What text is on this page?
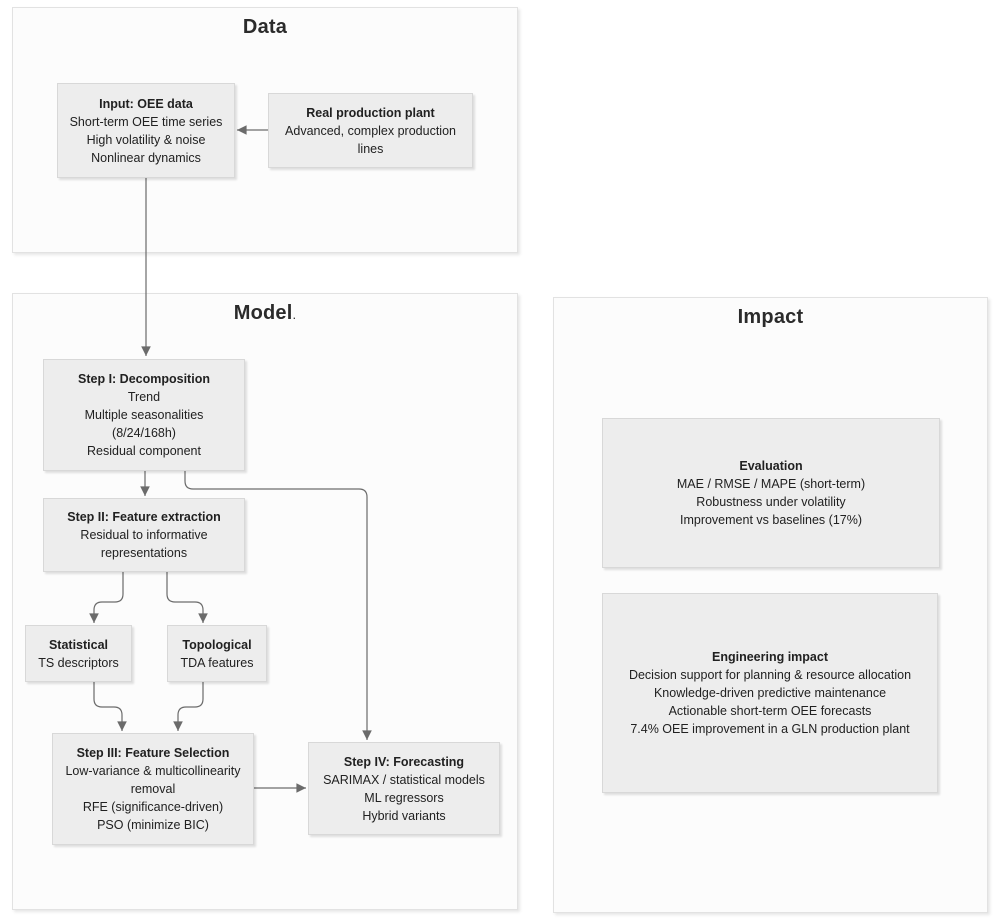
Data
Model.	Impact
Input: OEE data
Short-term OEE time series
High volatility & noise
Nonlinear dynamics
Real production plant
Advanced, complex production lines
Step I: Decomposition
Trend
Multiple seasonalities
(8/24/168h)
Residual component
Step II: Feature extraction
Residual to informative representations
Statistical
TS descriptors
Topological
TDA features
Step III: Feature Selection
Low-variance & multicollinearity removal
RFE (significance-driven)
PSO (minimize BIC)
Step IV: Forecasting
SARIMAX / statistical models
ML regressors
Hybrid variants
Evaluation
MAE / RMSE / MAPE (short-term)
Robustness under volatility
Improvement vs baselines (17%)
Engineering impact
Decision support for planning & resource allocation
Knowledge-driven predictive maintenance
Actionable short-term OEE forecasts
7.4% OEE improvement in a GLN production plant
